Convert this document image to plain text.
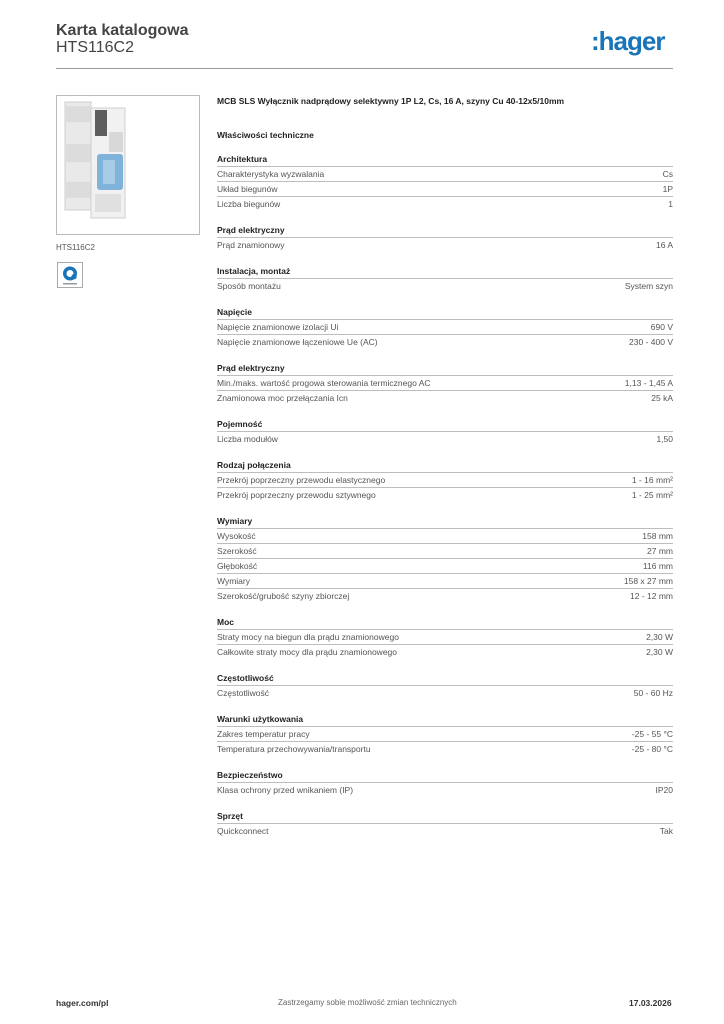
Karta katalogowa
HTS116C2	:hager
HTS116C2
MCB SLS Wyłącznik nadprądowy selektywny 1P L2, Cs, 16 A, szyny Cu 40-12x5/10mm
Właściwości techniczne
Architektura
Charakterystyka wyzwalania	Cs
Układ biegunów	1P
Liczba biegunów	1
Prąd elektryczny
Prąd znamionowy	16 A
Instalacja, montaż
Sposób montażu	System szyn
Napięcie
Napięcie znamionowe izolacji Ui	690 V
Napięcie znamionowe łączeniowe Ue (AC)	230 - 400 V
Prąd elektryczny
Min./maks. wartość progowa sterowania termicznego AC	1,13 - 1,45 A
Znamionowa moc przełączania Icn	25 kA
Pojemność
Liczba modułów	1,50
Rodzaj połączenia
Przekrój poprzeczny przewodu elastycznego	1 - 16 mm²
Przekrój poprzeczny przewodu sztywnego	1 - 25 mm²
Wymiary
Wysokość	158 mm
Szerokość	27 mm
Głębokość	116 mm
Wymiary	158 x 27 mm
Szerokość/grubość szyny zbiorczej	12 - 12 mm
Moc
Straty mocy na biegun dla prądu znamionowego	2,30 W
Całkowite straty mocy dla prądu znamionowego	2,30 W
Częstotliwość
Częstotliwość	50 - 60 Hz
Warunki użytkowania
Zakres temperatur pracy	-25 - 55 °C
Temperatura przechowywania/transportu	-25 - 80 °C
Bezpieczeństwo
Klasa ochrony przed wnikaniem (IP)	IP20
Sprzęt
Quickconnect	Tak
hager.com/pl	Zastrzegamy sobie możliwość zmian technicznych	17.03.2026
